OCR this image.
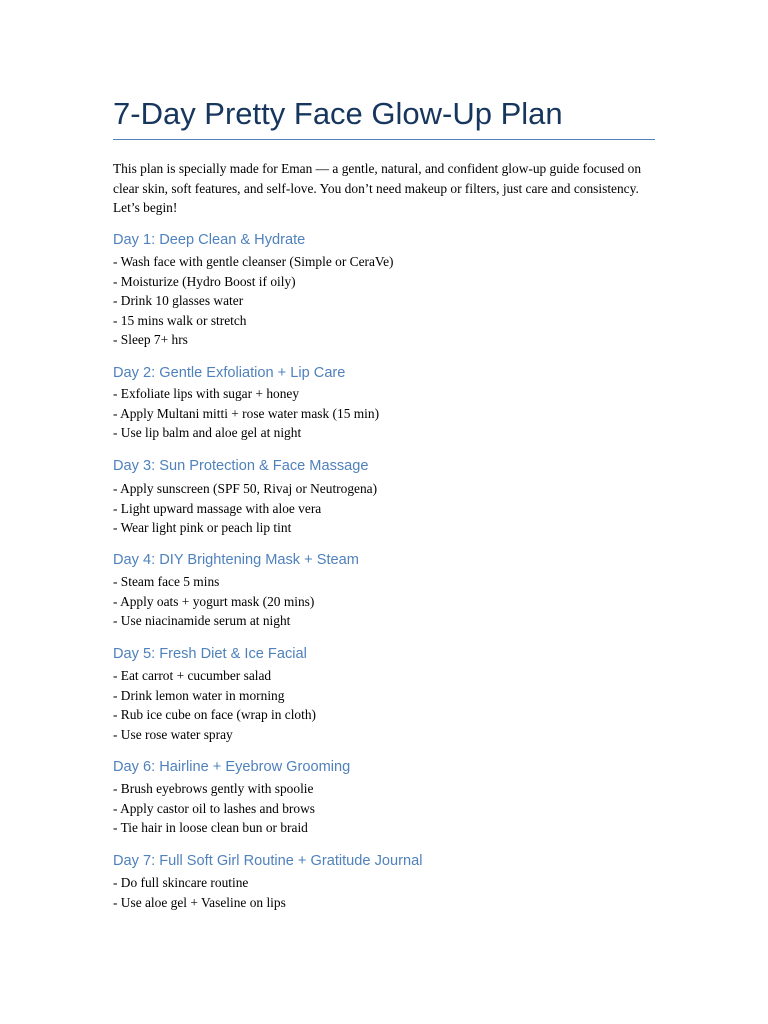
7-Day Pretty Face Glow-Up Plan

This plan is specially made for Eman — a gentle, natural, and confident glow-up guide focused on clear skin, soft features, and self-love. You don’t need makeup or filters, just care and consistency. Let’s begin!

Day 1: Deep Clean & Hydrate
- Wash face with gentle cleanser (Simple or CeraVe)
- Moisturize (Hydro Boost if oily)
- Drink 10 glasses water
- 15 mins walk or stretch
- Sleep 7+ hrs
Day 2: Gentle Exfoliation + Lip Care
- Exfoliate lips with sugar + honey
- Apply Multani mitti + rose water mask (15 min)
- Use lip balm and aloe gel at night
Day 3: Sun Protection & Face Massage
- Apply sunscreen (SPF 50, Rivaj or Neutrogena)
- Light upward massage with aloe vera
- Wear light pink or peach lip tint
Day 4: DIY Brightening Mask + Steam
- Steam face 5 mins
- Apply oats + yogurt mask (20 mins)
- Use niacinamide serum at night
Day 5: Fresh Diet & Ice Facial
- Eat carrot + cucumber salad
- Drink lemon water in morning
- Rub ice cube on face (wrap in cloth)
- Use rose water spray
Day 6: Hairline + Eyebrow Grooming
- Brush eyebrows gently with spoolie
- Apply castor oil to lashes and brows
- Tie hair in loose clean bun or braid
Day 7: Full Soft Girl Routine + Gratitude Journal
- Do full skincare routine
- Use aloe gel + Vaseline on lips
